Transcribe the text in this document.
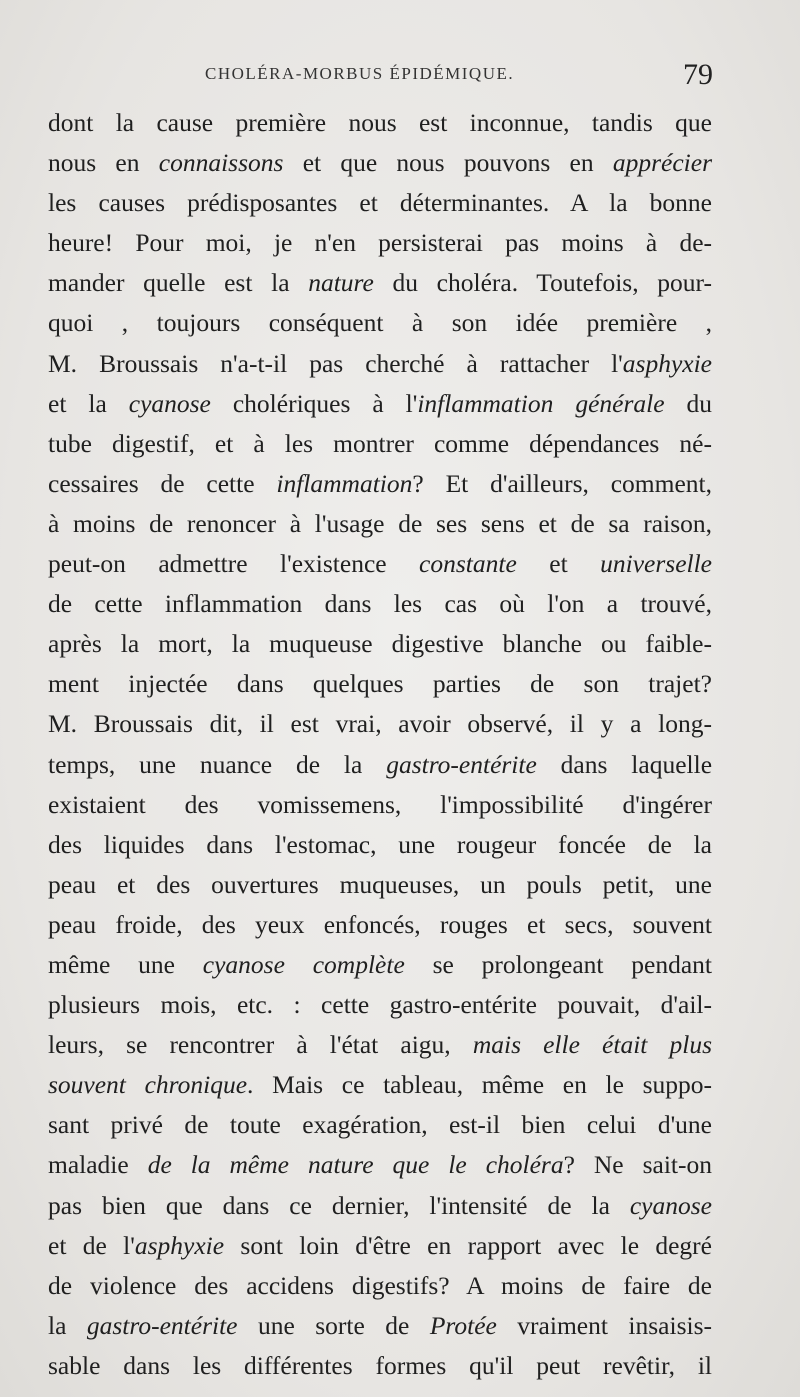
CHOLÉRA-MORBUS ÉPIDÉMIQUE.	79
dont la cause première nous est inconnue, tandis que
nous en connaissons et que nous pouvons en apprécier
les causes prédisposantes et déterminantes. A la bonne
heure! Pour moi, je n'en persisterai pas moins à de-
mander quelle est la nature du choléra. Toutefois, pour-
quoi , toujours conséquent à son idée première ,
M. Broussais n'a-t-il pas cherché à rattacher l'asphyxie
et la cyanose cholériques à l'inflammation générale du
tube digestif, et à les montrer comme dépendances né-
cessaires de cette inflammation? Et d'ailleurs, comment,
à moins de renoncer à l'usage de ses sens et de sa raison,
peut-on admettre l'existence constante et universelle
de cette inflammation dans les cas où l'on a trouvé,
après la mort, la muqueuse digestive blanche ou faible-
ment injectée dans quelques parties de son trajet?
M. Broussais dit, il est vrai, avoir observé, il y a long-
temps, une nuance de la gastro-entérite dans laquelle
existaient des vomissemens, l'impossibilité d'ingérer
des liquides dans l'estomac, une rougeur foncée de la
peau et des ouvertures muqueuses, un pouls petit, une
peau froide, des yeux enfoncés, rouges et secs, souvent
même une cyanose complète se prolongeant pendant
plusieurs mois, etc. : cette gastro-entérite pouvait, d'ail-
leurs, se rencontrer à l'état aigu, mais elle était plus
souvent chronique. Mais ce tableau, même en le suppo-
sant privé de toute exagération, est-il bien celui d'une
maladie de la même nature que le choléra? Ne sait-on
pas bien que dans ce dernier, l'intensité de la cyanose
et de l'asphyxie sont loin d'être en rapport avec le degré
de violence des accidens digestifs? A moins de faire de
la gastro-entérite une sorte de Protée vraiment insaisis-
sable dans les différentes formes qu'il peut revêtir, il
